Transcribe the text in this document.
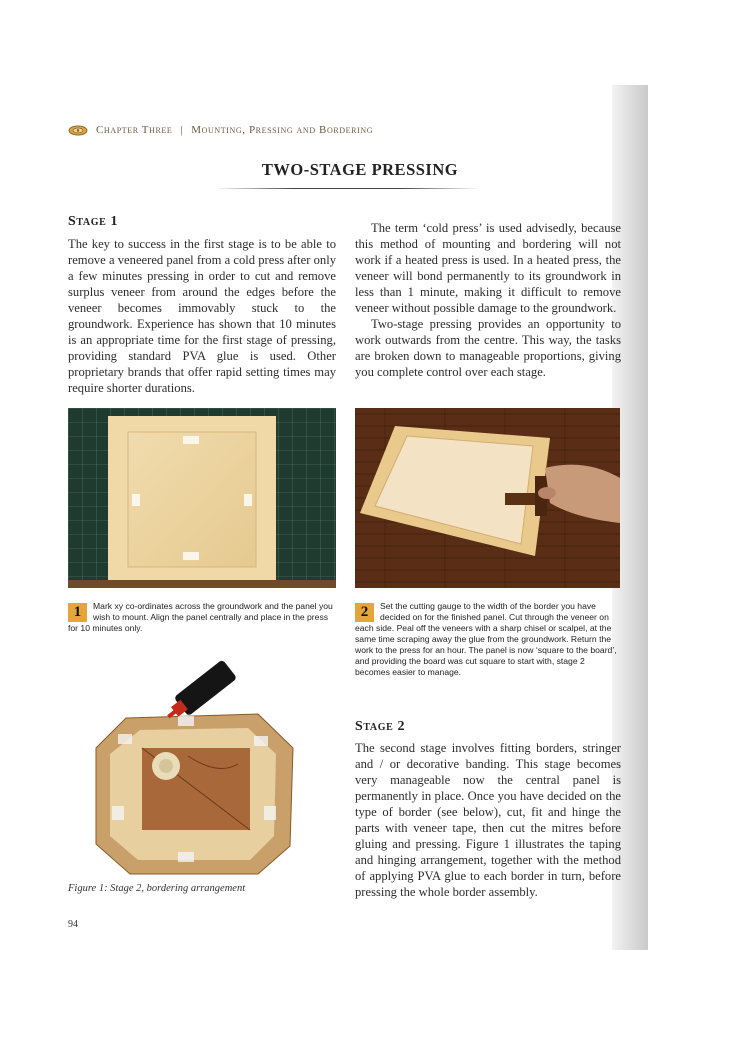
Chapter Three | Mounting, Pressing and Bordering
TWO-STAGE PRESSING
Stage 1

The key to success in the first stage is to be able to remove a veneered panel from a cold press after only a few minutes pressing in order to cut and remove surplus veneer from around the edges before the veneer becomes immovably stuck to the groundwork. Experience has shown that 10 minutes is an appropriate time for the first stage of pressing, providing standard PVA glue is used. Other proprietary brands that offer rapid setting times may require shorter durations.

The term ‘cold press’ is used advisedly, because this method of mounting and bordering will not work if a heated press is used. In a heated press, the veneer will bond permanently to its groundwork in less than 1 minute, making it difficult to remove veneer without possible damage to the groundwork.

Two-stage pressing provides an opportunity to work outwards from the centre. This way, the tasks are broken down to manageable proportions, giving you complete control over each stage.

1	Mark xy co-ordinates across the groundwork and the panel you wish to mount. Align the panel centrally and place in the press for 10 minutes only.
2	Set the cutting gauge to the width of the border you have decided on for the finished panel. Cut through the veneer on each side. Peal off the veneers with a sharp chisel or scalpel, at the same time scraping away the glue from the groundwork. Return the work to the press for an hour. The panel is now ‘square to the board’, and providing the board was cut square to start with, stage 2 becomes easier to manage.
Stage 2

The second stage involves fitting borders, stringer and / or decorative banding. This stage becomes very manageable now the central panel is permanently in place. Once you have decided on the type of border (see below), cut, fit and hinge the parts with veneer tape, then cut the mitres before gluing and pressing. Figure 1 illustrates the taping and hinging arrangement, together with the method of applying PVA glue to each border in turn, before pressing the whole border assembly.

Figure 1: Stage 2, bordering arrangement
94
